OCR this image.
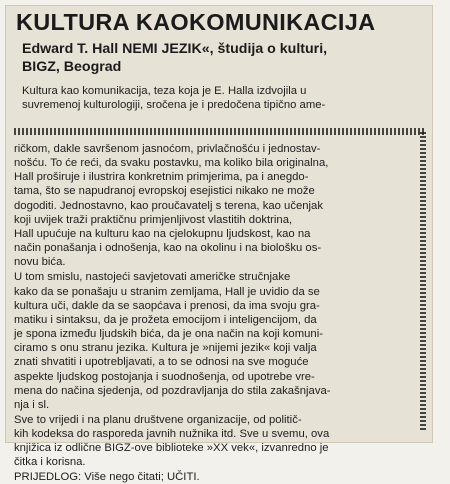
KULTURA KAOKOMUNIKACIJA
Edward T. Hall NEMI JEZIK«, študija o kulturi,
BIGZ, Beograd
Kultura kao komunikacija, teza koja je E. Halla izdvojila u
suvremenoj kulturologiji, sročena je i predočena tipično ame-
ričkom, dakle savršenom jasnoćom, privlačnošću i jednostav-
nošću. To će reći, da svaku postavku, ma koliko bila originalna,
Hall proširuje i ilustrira konkretnim primjerima, pa i anegdo-
tama, što se napudranoj evropskoj esejistici nikako ne može
dogoditi. Jednostavno, kao proučavatelj s terena, kao učenjak
koji uvijek traži praktičnu primjenljivost vlastitih doktrina,
Hall upućuje na kulturu kao na cjelokupnu ljudskost, kao na
način ponašanja i odnošenja, kao na okolinu i na biološku os-
novu bića.
U tom smislu, nastojeći savjetovati američke stručnjake
kako da se ponašaju u stranim zemljama, Hall je uvidio da se
kultura uči, dakle da se saopćava i prenosi, da ima svoju gra-
matiku i sintaksu, da je prožeta emocijom i inteligencijom, da
je spona između ljudskih bića, da je ona način na koji komuni-
ciramo s onu stranu jezika. Kultura je »nijemi jezik« koji valja
znati shvatiti i upotrebljavati, a to se odnosi na sve moguće
aspekte ljudskog postojanja i suodnošenja, od upotrebe vre-
mena do načina sjedenja, od pozdravljanja do stila zakašnjava-
nja i sl.
Sve to vrijedi i na planu društvene organizacije, od politič-
kih kodeksa do rasporeda javnih nužnika itd. Sve u svemu, ova
knjižica iz odlične BIGZ-ove biblioteke »XX vek«, izvanredno je
čitka i korisna.
PRIJEDLOG: Više nego čitati; UČITI.
